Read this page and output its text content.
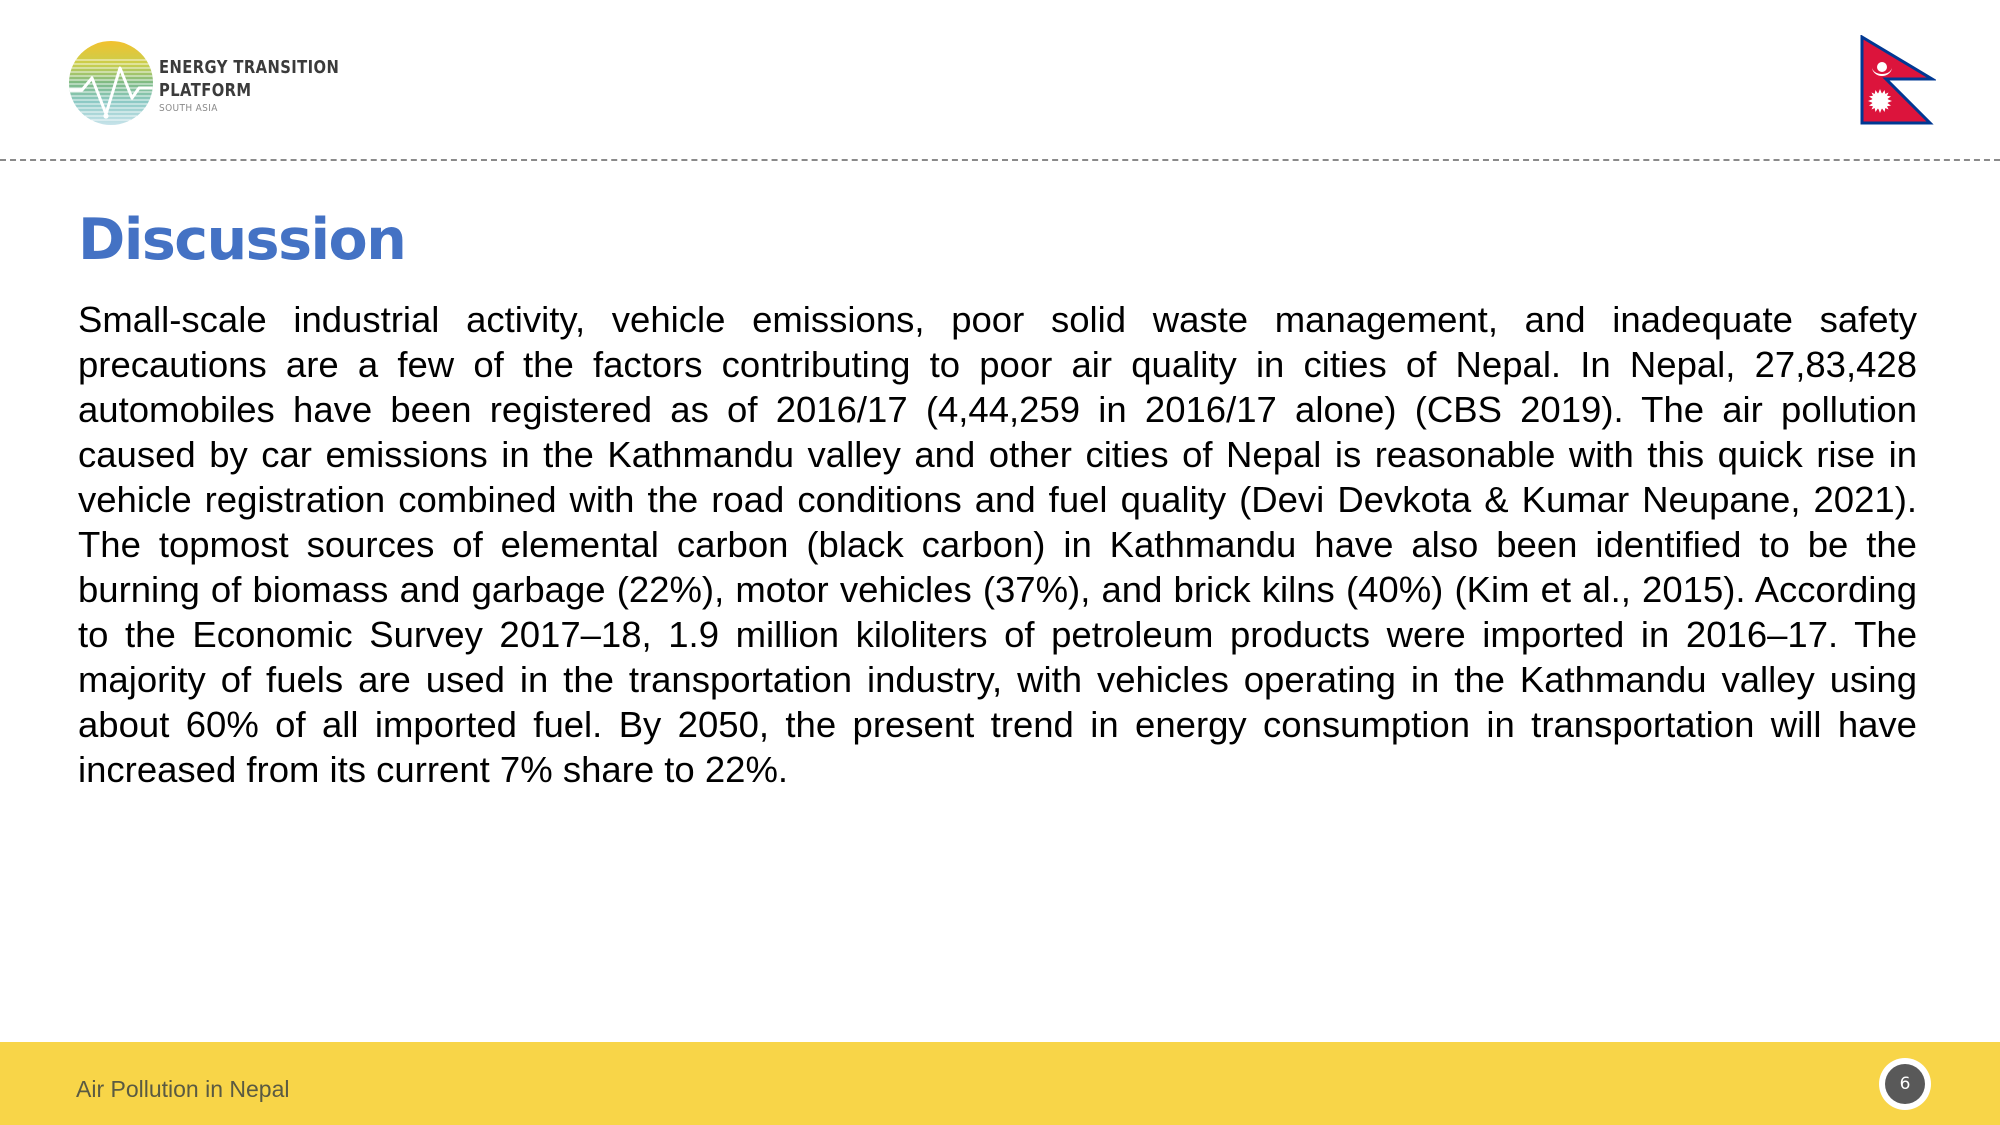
ENERGY TRANSITION
PLATFORM
SOUTH ASIA
Discussion

Small-scale industrial activity, vehicle emissions, poor solid waste management, and inadequate safety precautions are a few of the factors contributing to poor air quality in cities of Nepal. In Nepal, 27,83,428 automobiles have been registered as of 2016/17 (4,44,259 in 2016/17 alone) (CBS 2019). The air pollution caused by car emissions in the Kathmandu valley and other cities of Nepal is reasonable with this quick rise in vehicle registration combined with the road conditions and fuel quality (Devi Devkota & Kumar Neupane, 2021). The topmost sources of elemental carbon (black carbon) in Kathmandu have also been identified to be the burning of biomass and garbage (22%), motor vehicles (37%), and brick kilns (40%) (Kim et al., 2015). According to the Economic Survey 2017–18, 1.9 million kiloliters of petroleum products were imported in 2016–17. The majority of fuels are used in the transportation industry, with vehicles operating in the Kathmandu valley using about 60% of all imported fuel. By 2050, the present trend in energy consumption in transportation will have increased from its current 7% share to 22%.

Air Pollution in Nepal	6
